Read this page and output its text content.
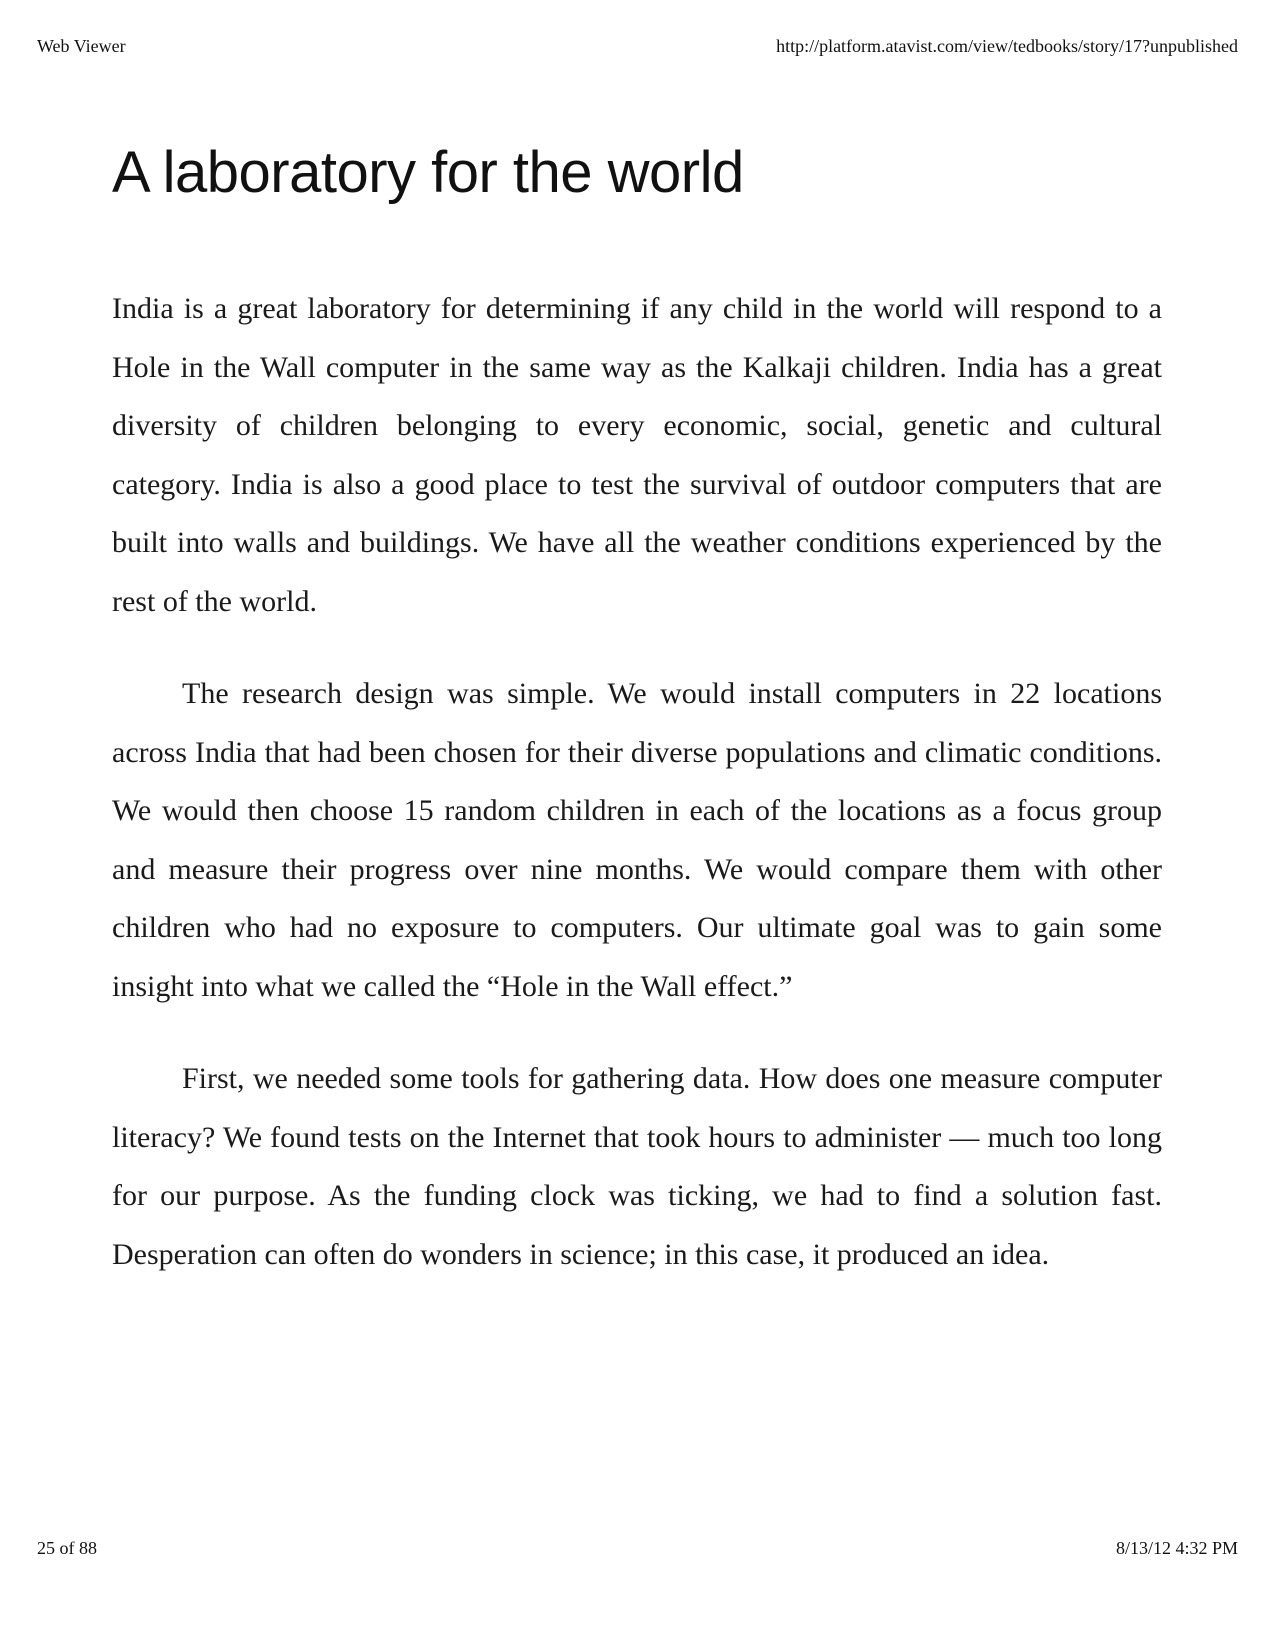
Web Viewer	http://platform.atavist.com/view/tedbooks/story/17?unpublished
A laboratory for the world

India is a great laboratory for determining if any child in the world will respond to a Hole in the Wall computer in the same way as the Kalkaji children. India has a great diversity of children belonging to every economic, social, genetic and cultural category. India is also a good place to test the survival of outdoor computers that are built into walls and buildings. We have all the weather conditions experienced by the rest of the world.

The research design was simple. We would install computers in 22 locations across India that had been chosen for their diverse populations and climatic conditions. We would then choose 15 random children in each of the locations as a focus group and measure their progress over nine months. We would compare them with other children who had no exposure to computers. Our ultimate goal was to gain some insight into what we called the “Hole in the Wall effect.”

First, we needed some tools for gathering data. How does one measure computer literacy? We found tests on the Internet that took hours to administer — much too long for our purpose. As the funding clock was ticking, we had to find a solution fast. Desperation can often do wonders in science; in this case, it produced an idea.

25 of 88	8/13/12 4:32 PM
